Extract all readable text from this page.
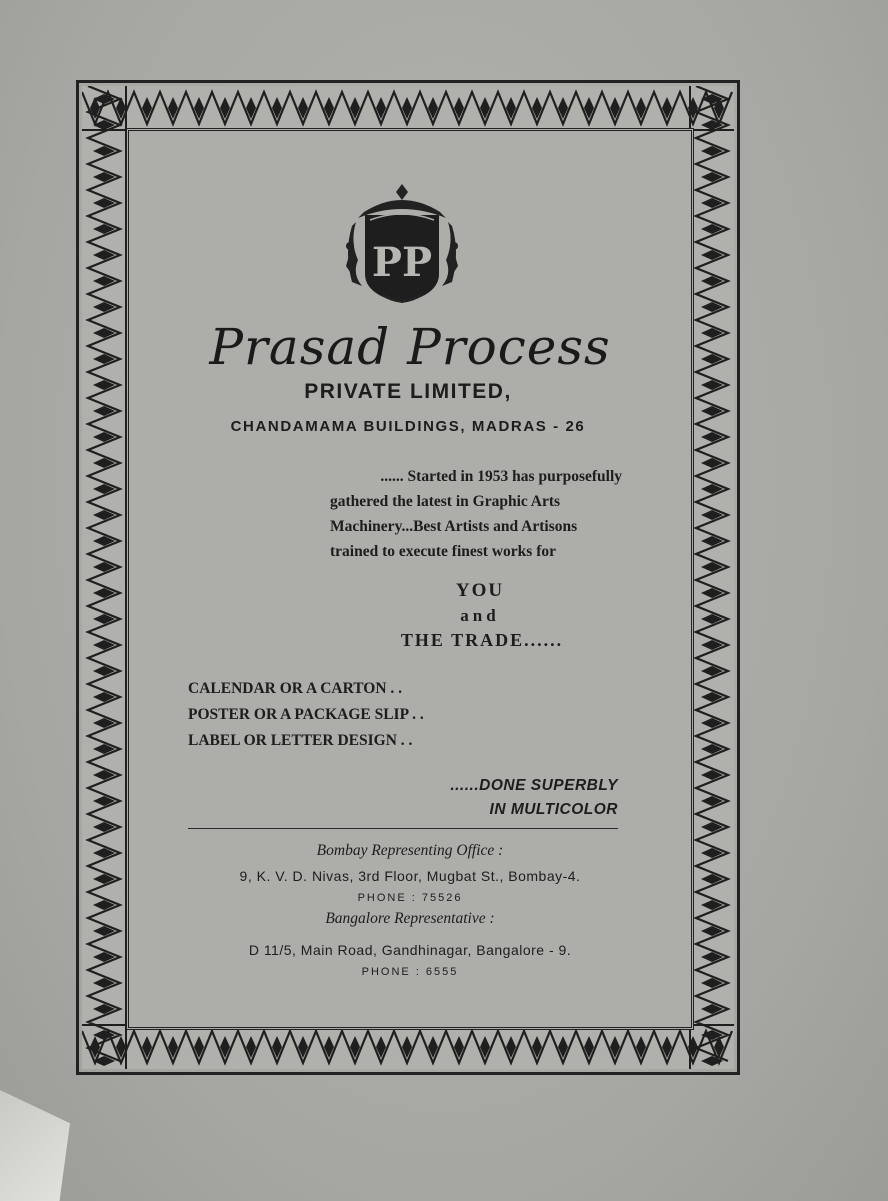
PP
Prasad Process
PRIVATE LIMITED,
CHANDAMAMA BUILDINGS, MADRAS - 26

...... Started in 1953 has purposefully

gathered the latest in Graphic Arts

Machinery...Best Artists and Artisons

trained to execute finest works for

YOU
and
THE TRADE......

CALENDAR OR A CARTON . .

POSTER OR A PACKAGE SLIP . .

LABEL OR LETTER DESIGN . .

......DONE SUPERBLY

IN MULTICOLOR

Bombay Representing Office :
9, K. V. D. Nivas, 3rd Floor, Mugbat St., Bombay-4.
PHONE : 75526
Bangalore Representative :
D 11/5, Main Road, Gandhinagar, Bangalore - 9.
PHONE : 6555
